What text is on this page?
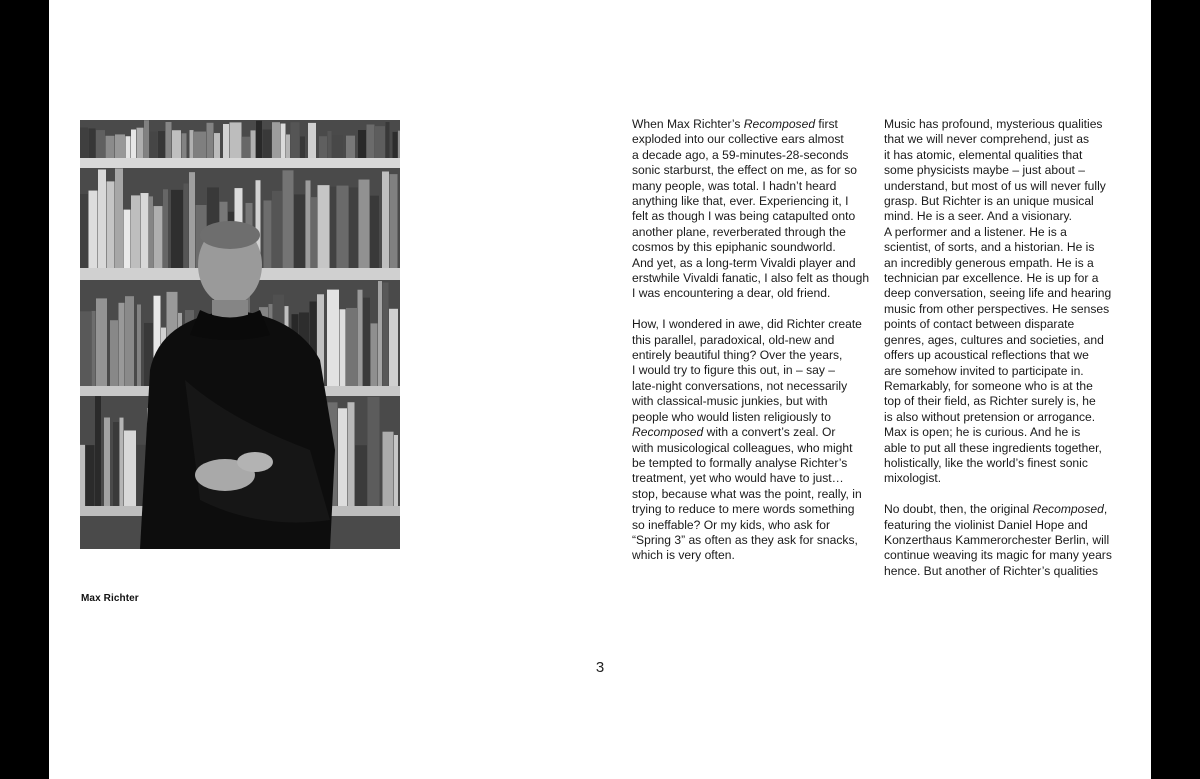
Max Richter

When Max Richter’s Recomposed first
exploded into our collective ears almost
a decade ago, a 59-minutes-28-seconds
sonic starburst, the effect on me, as for so
many people, was total. I hadn’t heard
anything like that, ever. Experiencing it, I
felt as though I was being catapulted onto
another plane, reverberated through the
cosmos by this epiphanic soundworld.
And yet, as a long-term Vivaldi player and
erstwhile Vivaldi fanatic, I also felt as though
I was encountering a dear, old friend.

How, I wondered in awe, did Richter create
this parallel, paradoxical, old-new and
entirely beautiful thing? Over the years,
I would try to figure this out, in – say –
late-night conversations, not necessarily
with classical-music junkies, but with
people who would listen religiously to
Recomposed with a convert’s zeal. Or
with musicological colleagues, who might
be tempted to formally analyse Richter’s
treatment, yet who would have to just…
stop, because what was the point, really, in
trying to reduce to mere words something
so ineffable? Or my kids, who ask for
“Spring 3” as often as they ask for snacks,
which is very often.

Music has profound, mysterious qualities
that we will never comprehend, just as
it has atomic, elemental qualities that
some physicists maybe – just about –
understand, but most of us will never fully
grasp. But Richter is an unique musical
mind. He is a seer. And a visionary.
A performer and a listener. He is a
scientist, of sorts, and a historian. He is
an incredibly generous empath. He is a
technician par excellence. He is up for a
deep conversation, seeing life and hearing
music from other perspectives. He senses
points of contact between disparate
genres, ages, cultures and societies, and
offers up acoustical reflections that we
are somehow invited to participate in.
Remarkably, for someone who is at the
top of their field, as Richter surely is, he
is also without pretension or arrogance.
Max is open; he is curious. And he is
able to put all these ingredients together,
holistically, like the world’s finest sonic
mixologist.

No doubt, then, the original Recomposed,
featuring the violinist Daniel Hope and
Konzerthaus Kammerorchester Berlin, will
continue weaving its magic for many years
hence. But another of Richter’s qualities

3
